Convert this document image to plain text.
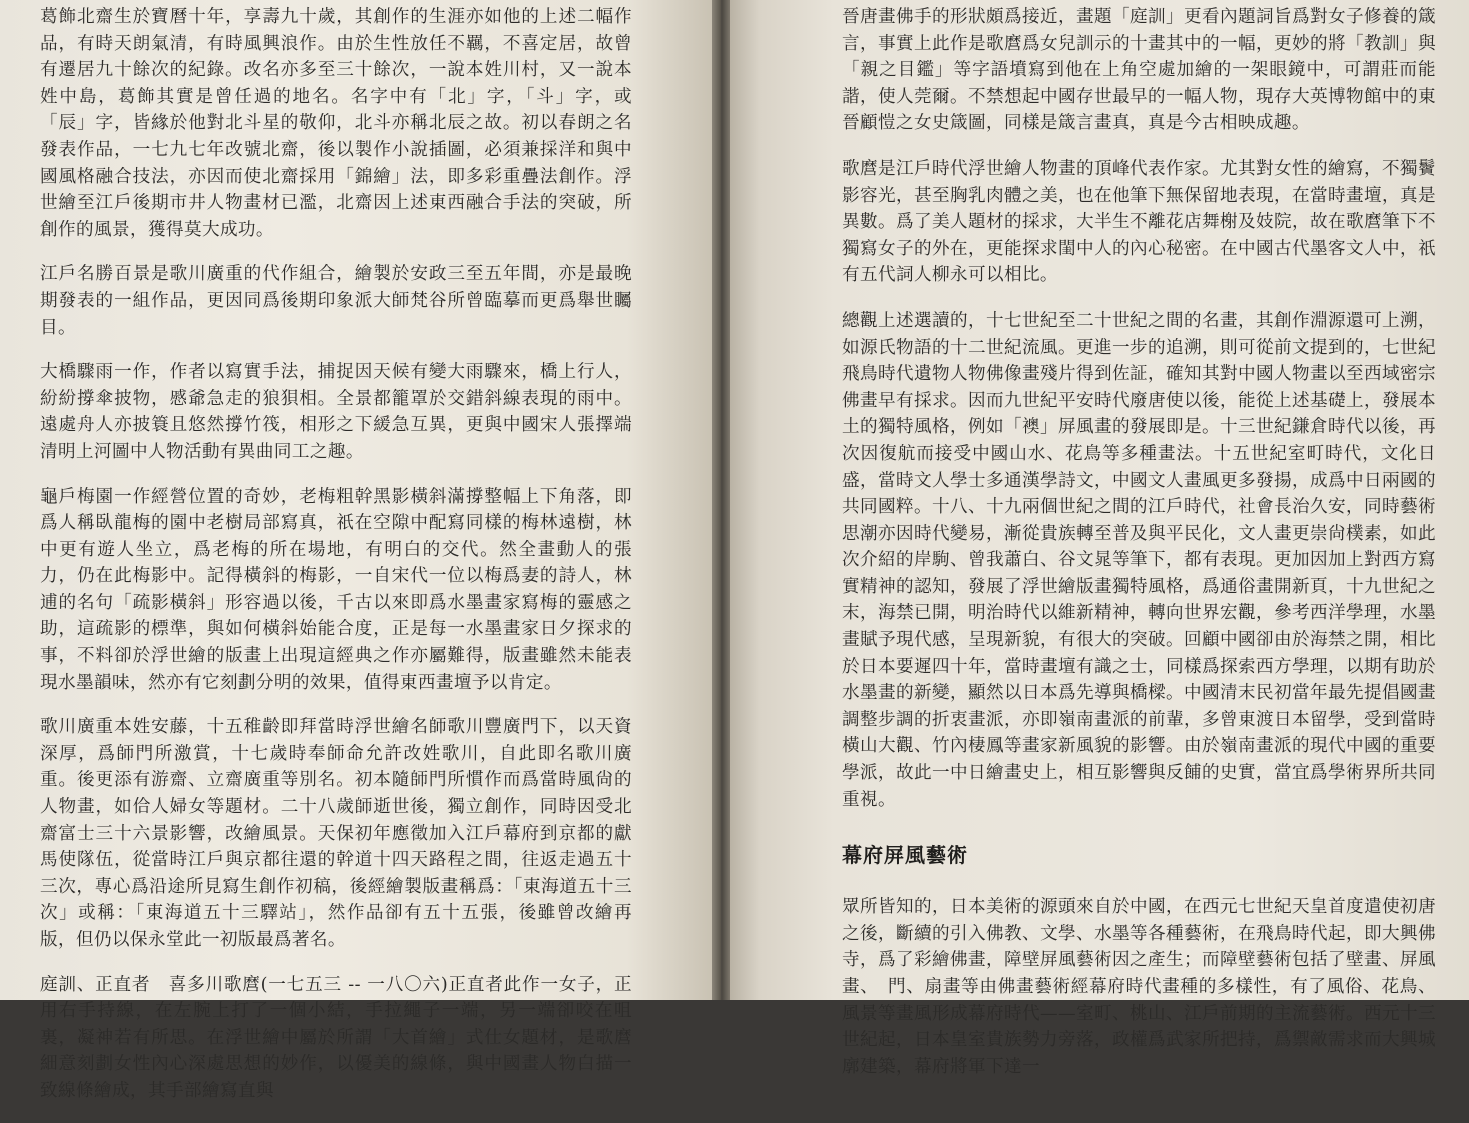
葛飾北齋生於寶曆十年，享壽九十歲，其創作的生涯亦如他的上述二幅作品，有時天朗氣清，有時風興浪作。由於生性放任不羈，不喜定居，故曾有遷居九十餘次的紀錄。改名亦多至三十餘次，一說本姓川村，又一說本姓中島，葛飾其實是曾任過的地名。名字中有「北」字，「斗」字，或「辰」字，皆緣於他對北斗星的敬仰，北斗亦稱北辰之故。初以春朗之名發表作品，一七九七年改號北齋，後以製作小說插圖，必須兼採洋和與中國風格融合技法，亦因而使北齋採用「錦繪」法，即多彩重疊法創作。浮世繪至江戶後期市井人物畫材已濫，北齋因上述東西融合手法的突破，所創作的風景，獲得莫大成功。

江戶名勝百景是歌川廣重的代作組合，繪製於安政三至五年間，亦是最晚期發表的一組作品，更因同爲後期印象派大師梵谷所曾臨摹而更爲舉世矚目。

大橋驟雨一作，作者以寫實手法，捕捉因天候有變大雨驟來，橋上行人，紛紛撐傘披物，慼爺急走的狼狽相。全景都籠罩於交錯斜線表現的雨中。遠處舟人亦披簑且悠然撐竹筏，相形之下緩急互異，更與中國宋人張擇端清明上河圖中人物活動有異曲同工之趣。

龜戶梅園一作經營位置的奇妙，老梅粗幹黑影橫斜滿撐整幅上下角落，即爲人稱臥龍梅的園中老樹局部寫真，祇在空隙中配寫同樣的梅林遠樹，林中更有遊人坐立，爲老梅的所在場地，有明白的交代。然全畫動人的張力，仍在此梅影中。記得橫斜的梅影，一自宋代一位以梅爲妻的詩人，林逋的名句「疏影橫斜」形容過以後，千古以來即爲水墨畫家寫梅的靈感之助，這疏影的標準，與如何橫斜始能合度，正是每一水墨畫家日夕探求的事，不料卻於浮世繪的版畫上出現這經典之作亦屬難得，版畫雖然未能表現水墨韻味，然亦有它刻劃分明的效果，值得東西畫壇予以肯定。

歌川廣重本姓安藤，十五稚齡即拜當時浮世繪名師歌川豐廣門下，以天資深厚，爲師門所激賞，十七歲時奉師命允許改姓歌川，自此即名歌川廣重。後更添有游齋、立齋廣重等別名。初本隨師門所慣作而爲當時風尙的人物畫，如佮人婦女等題材。二十八歲師逝世後，獨立創作，同時因受北齋富士三十六景影響，改繪風景。天保初年應徵加入江戶幕府到京都的獻馬使隊伍，從當時江戶與京都往還的幹道十四天路程之間，往返走過五十三次，專心爲沿途所見寫生創作初稿，後經繪製版畫稱爲：「東海道五十三次」或稱：「東海道五十三驛站」，然作品卻有五十五張，後雖曾改繪再版，但仍以保永堂此一初版最爲著名。

庭訓、正直者　喜多川歌麿(一七五三 -- 一八〇六)正直者此作一女子，正用右手持線，在左腕上打了一個小結，手拉繩子一端，另一端卻咬在咀裏，凝神若有所思。在浮世繪中屬於所謂「大首繪」式仕女題材，是歌麿細意刻劃女性內心深處思想的妙作，以優美的線條，與中國畫人物白描一致線條繪成，其手部繪寫直與

晉唐畫佛手的形狀頗爲接近，畫題「庭訓」更看內題詞旨爲對女子修養的箴言，事實上此作是歌麿爲女兒訓示的十畫其中的一幅，更妙的將「教訓」與「親之目鑑」等字語墳寫到他在上角空處加繪的一架眼鏡中，可謂莊而能諧，使人莞爾。不禁想起中國存世最早的一幅人物，現存大英博物館中的東晉顧愷之女史箴圖，同樣是箴言畫真，真是今古相映成趣。

歌麿是江戶時代浮世繪人物畫的頂峰代表作家。尤其對女性的繪寫，不獨鬢影容光，甚至胸乳肉體之美，也在他筆下無保留地表現，在當時畫壇，真是異數。爲了美人題材的採求，大半生不離花店舞榭及妓院，故在歌麿筆下不獨寫女子的外在，更能探求閨中人的內心秘密。在中國古代墨客文人中，祇有五代詞人柳永可以相比。

總觀上述選讀的，十七世紀至二十世紀之間的名畫，其創作淵源還可上溯，如源氏物語的十二世紀流風。更進一步的追溯，則可從前文提到的，七世紀飛鳥時代遺物人物佛像畫殘片得到佐証，確知其對中國人物畫以至西域密宗佛畫早有採求。因而九世紀平安時代廢唐使以後，能從上述基礎上，發展本土的獨特風格，例如「襖」屏風畫的發展即是。十三世紀鎌倉時代以後，再次因復航而接受中國山水、花鳥等多種畫法。十五世紀室町時代，文化日盛，當時文人學士多通漢學詩文，中國文人畫風更多發揚，成爲中日兩國的共同國粹。十八、十九兩個世紀之間的江戶時代，社會長治久安，同時藝術思潮亦因時代變易，漸從貴族轉至普及與平民化，文人畫更崇尙樸素，如此次介紹的岸駒、曾我蕭白、谷文晁等筆下，都有表現。更加因加上對西方寫實精神的認知，發展了浮世繪版畫獨特風格，爲通俗畫開新頁，十九世紀之末，海禁已開，明治時代以維新精神，轉向世界宏觀，參考西洋學理，水墨畫賦予現代感，呈現新貌，有很大的突破。回顧中國卻由於海禁之開，相比於日本要遲四十年，當時畫壇有識之士，同樣爲探索西方學理，以期有助於水墨畫的新變，顯然以日本爲先導與橋樑。中國清末民初當年最先提倡國畫調整步調的折衷畫派，亦即嶺南畫派的前輩，多曾東渡日本留學，受到當時橫山大觀、竹內棲鳳等畫家新風貌的影響。由於嶺南畫派的現代中國的重要學派，故此一中日繪畫史上，相互影響與反餔的史實，當宜爲學術界所共同重視。

幕府屏風藝術

眾所皆知的，日本美術的源頭來自於中國，在西元七世紀天皇首度遣使初唐之後，斷續的引入佛教、文學、水墨等各種藝術，在飛鳥時代起，即大興佛寺，爲了彩繪佛畫，障壁屏風藝術因之產生；而障壁藝術包括了壁畫、屏風畫、　門、扇畫等由佛畫藝術經幕府時代畫種的多樣性，有了風俗、花鳥、風景等畫風形成幕府時代——室町、桃山、江戶前期的主流藝術。西元十三世紀起，日本皇室貴族勢力旁落，政權爲武家所把持，爲禦敵需求而大興城廓建築，幕府將軍下達一
